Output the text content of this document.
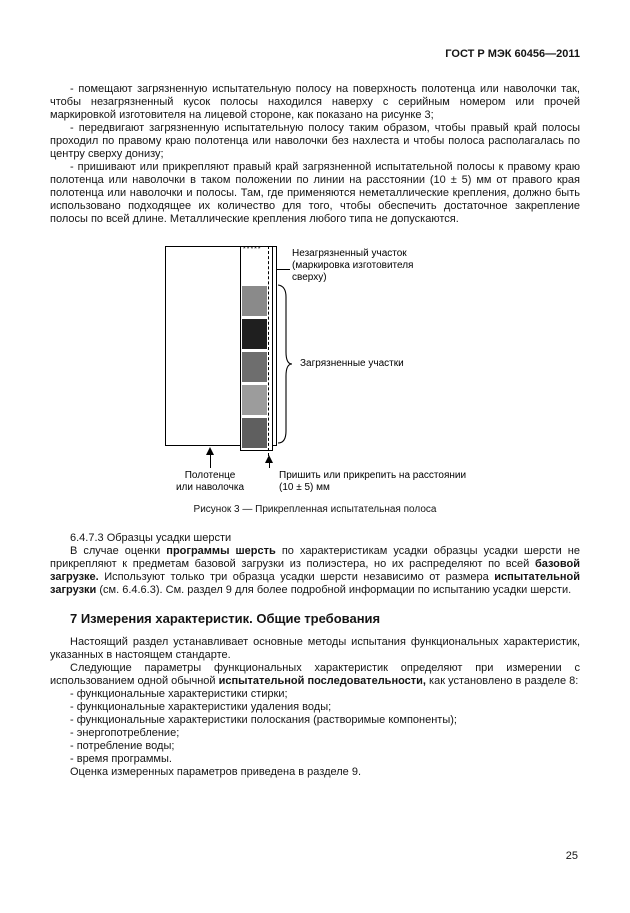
ГОСТ Р МЭК 60456—2011

- помещают загрязненную испытательную полосу на поверхность полотенца или наволочки так, чтобы незагрязненный кусок полосы находился наверху с серийным номером или прочей маркировкой изготовителя на лицевой стороне, как показано на рисунке 3;

- передвигают загрязненную испытательную полосу таким образом, чтобы правый край полосы проходил по правому краю полотенца или наволочки без нахлеста и чтобы полоса располагалась по центру сверху донизу;

- пришивают или прикрепляют правый край загрязненной испытательной полосы к правому краю полотенца или наволочки в таком положении по линии на расстоянии (10 ± 5) мм от правого края полотенца или наволочки и полосы. Там, где применяются неметаллические крепления, должно быть использовано подходящее их количество для того, чтобы обеспечить достаточное закрепление полосы по всей длине. Металлические крепления любого типа не допускаются.

*****	Незагрязненный участок
(маркировка изготовителя
сверху)
Загрязненные участки
Полотенце
или наволочка
Пришить или прикрепить на расстоянии
(10 ± 5) мм
Рисунок 3 — Прикрепленная испытательная полоса
6.4.7.3 Образцы усадки шерсти

В случае оценки программы шерсть по характеристикам усадки образцы усадки шерсти не прикрепляют к предметам базовой загрузки из полиэстера, но их распределяют по всей базовой загрузке. Используют только три образца усадки шерсти независимо от размера испытательной загрузки (см. 6.4.6.3). См. раздел 9 для более подробной информации по испытанию усадки шерсти.

7 Измерения характеристик. Общие требования

Настоящий раздел устанавливает основные методы испытания функциональных характеристик, указанных в настоящем стандарте.

Следующие параметры функциональных характеристик определяют при измерении с использованием одной обычной испытательной последовательности, как установлено в разделе 8:

- функциональные характеристики стирки;

- функциональные характеристики удаления воды;

- функциональные характеристики полоскания (растворимые компоненты);

- энергопотребление;

- потребление воды;

- время программы.

Оценка измеренных параметров приведена в разделе 9.

25
